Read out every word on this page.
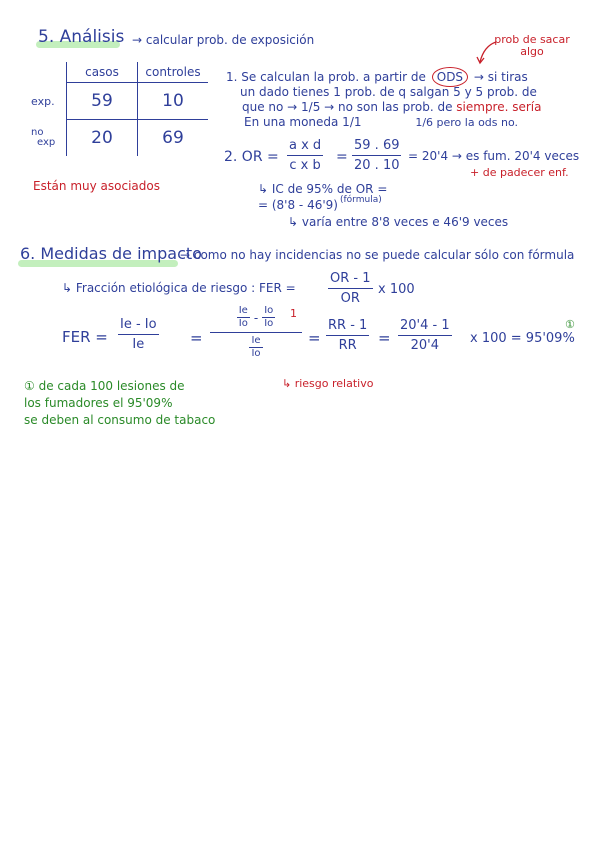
5. Análisis → calcular prob. de exposición	prob de sacar algo
	casos	controles
exp.	59	10

no
exp	20	69
Están muy asociados
1. Se calculan la prob. a partir de ODS → si tiras
un dado tienes 1 prob. de q salgan 5 y 5 prob. de
que no → 1/5 → no son las prob. de siempre. sería
En una moneda 1/1	1/6 pero la ods no.
2. OR =
a x d
c x b
=
59 . 69
20 . 10
= 20'4 → es fum. 20'4 veces
+ de padecer enf.
↳ IC de 95% de OR =
(fórmula)
= (8'8 - 46'9)
↳ varía entre 8'8 veces e 46'9 veces
6. Medidas de impacto
→ como no hay incidencias no se puede calcular sólo con fórmula
↳ Fracción etiológica de riesgo : FER =
OR - 1
OR
x 100
FER =
Ie - Io
Ie	=
$\frac{Ie}{Io} - \frac{Io}{Io}$
$\frac{Ie}{Io}$
1
=
RR - 1
RR =
20'4 - 1
20'4 x 100 = 95'09%
①
↳ riesgo relativo
① de cada 100 lesiones de
los fumadores el 95'09%
se deben al consumo de tabaco
